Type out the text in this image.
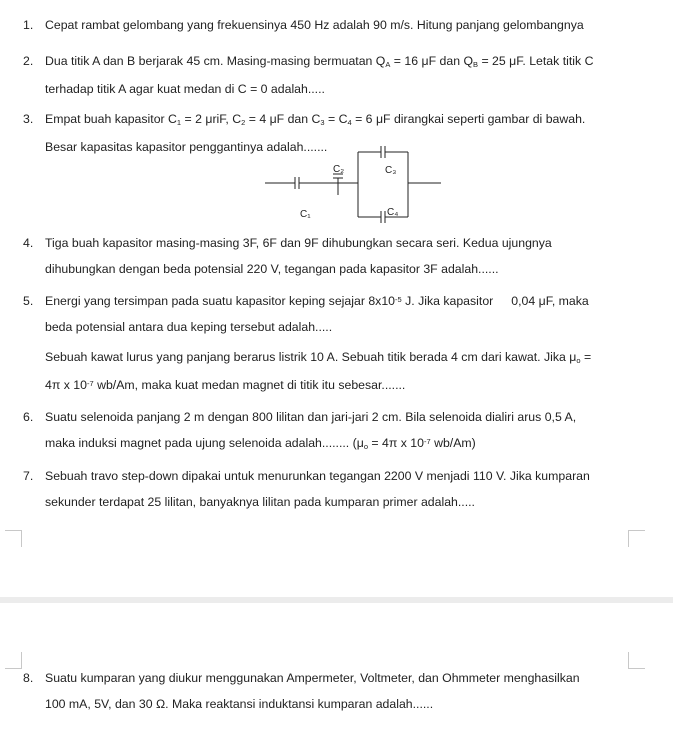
1. Cepat rambat gelombang yang frekuensinya 450 Hz adalah 90 m/s. Hitung panjang gelombangnya
2. Dua titik A dan B berjarak 45 cm. Masing-masing bermuatan $Q_A = 16$ μF dan $Q_B = 25$ μF. Letak titik C
terhadap titik A agar kuat medan di C = 0 adalah.....
3. Empat buah kapasitor $C_1 = 2$ μriF, $C_2 = 4$ μF dan $C_3 = C_4 = 6$ μF dirangkai seperti gambar di bawah.
Besar kapasitas kapasitor penggantinya adalah.......
C₁
C₂	C₃
C₄
4. Tiga buah kapasitor masing-masing 3F, 6F dan 9F dihubungkan secara seri. Kedua ujungnya
dihubungkan dengan beda potensial 220 V, tegangan pada kapasitor 3F adalah......
5. Energi yang tersimpan pada suatu kapasitor keping sejajar $8x10^{-5}$ J. Jika kapasitor 0,04 μF, maka
beda potensial antara dua keping tersebut adalah.....
Sebuah kawat lurus yang panjang berarus listrik 10 A. Sebuah titik berada 4 cm dari kawat. Jika $\mu_o$ =
4π x $10^{-7}$ wb/Am, maka kuat medan magnet di titik itu sebesar.......
6. Suatu selenoida panjang 2 m dengan 800 lilitan dan jari-jari 2 cm. Bila selenoida dialiri arus 0,5 A,
maka induksi magnet pada ujung selenoida adalah........ ($\mu_o = 4\pi$ x $10^{-7}$ wb/Am)
7. Sebuah travo step-down dipakai untuk menurunkan tegangan 2200 V menjadi 110 V. Jika kumparan
sekunder terdapat 25 lilitan, banyaknya lilitan pada kumparan primer adalah.....
8. Suatu kumparan yang diukur menggunakan Ampermeter, Voltmeter, dan Ohmmeter menghasilkan
100 mA, 5V, dan 30 Ω. Maka reaktansi induktansi kumparan adalah......
